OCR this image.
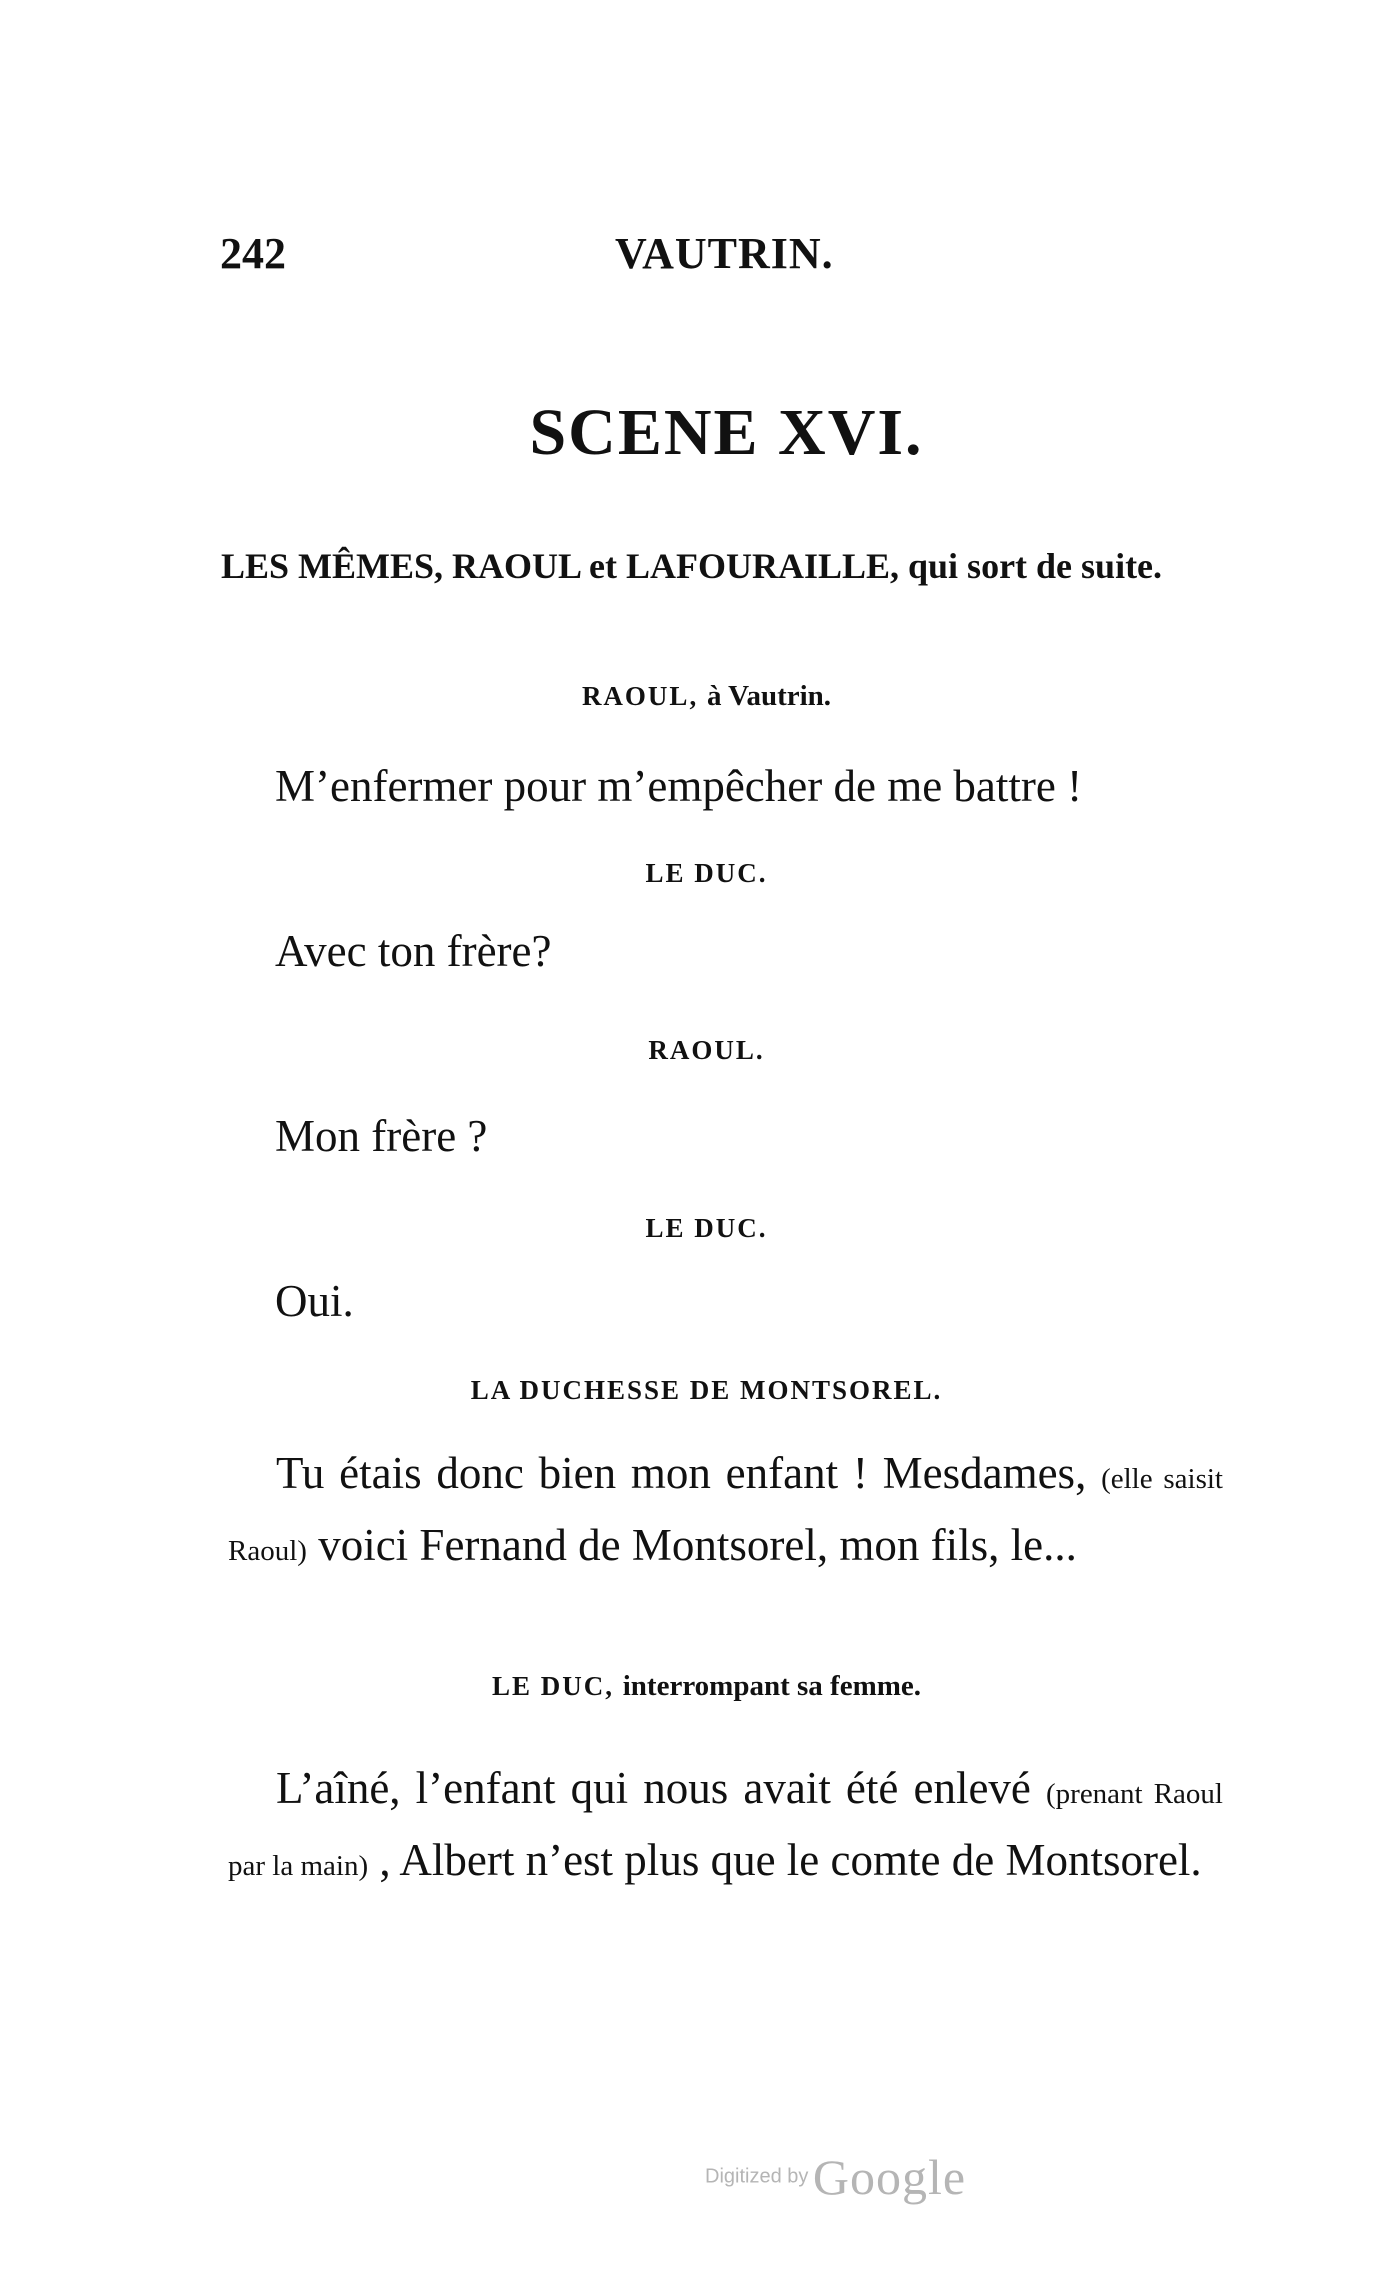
242	VAUTRIN.
SCENE XVI.
LES MÊMES, RAOUL et LAFOURAILLE, qui sort de suite.
RAOUL, à Vautrin.
M’enfermer pour m’empêcher de me battre !
LE DUC.
Avec ton frère?
RAOUL.
Mon frère ?
LE DUC.
Oui.
LA DUCHESSE DE MONTSOREL.
Tu étais donc bien mon enfant ! Mesdames, (elle saisit Raoul) voici Fernand de Montsorel, mon fils, le...
LE DUC, interrompant sa femme.
L’aîné, l’enfant qui nous avait été enlevé (prenant Raoul par la main) , Albert n’est plus que le comte de Montsorel.
Digitized by Google
